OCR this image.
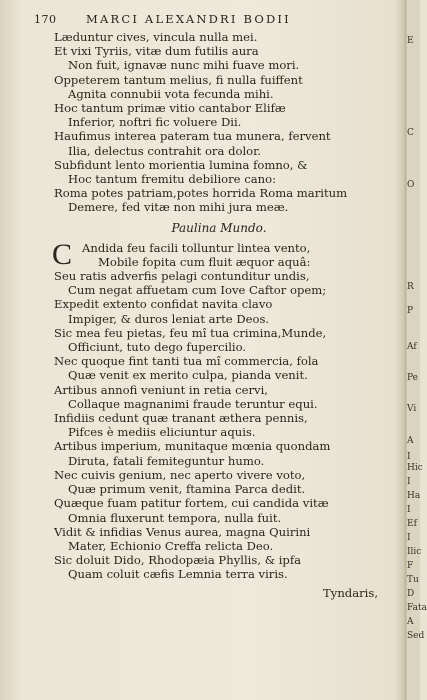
170	MARCI ALEXANDRI BODII
Læduntur cives, vincula nulla mei.
Et vixi Tyriis, vitæ dum futilis aura
Non fuit, ignavæ nunc mihi fuave mori.
Oppeterem tantum melius, fi nulla fuiffent
Agnita connubii vota fecunda mihi.
Hoc tantum primæ vitio cantabor Elifæ
Inferior, noftri fic voluere Dii.
Haufimus interea pateram tua munera, fervent
Ilia, delectus contrahit ora dolor.
Subfidunt lento morientia lumina fomno, &
Hoc tantum fremitu debiliore cano:
Roma potes patriam,potes horrida Roma maritum
Demere, fed vitæ non mihi jura meæ.
Paulina Mundo.
C Andida feu facili tolluntur lintea vento,
Mobile fopita cum fluit æquor aquâ:
Seu ratis adverfis pelagi contunditur undis,
Cum negat affuetam cum Iove Caftor opem;
Expedit extento confidat navita clavo
Impiger, & duros leniat arte Deos.
Sic mea feu pietas, feu mî tua crimina,Munde,
Officiunt, tuto dego fupercilio.
Nec quoque fint tanti tua mî commercia, fola
Quæ venit ex merito culpa, pianda venit.
Artibus annofi veniunt in retia cervi,
Collaque magnanimi fraude teruntur equi.
Infidiis cedunt quæ tranant æthera pennis,
Pifces è mediis eliciuntur aquis.
Artibus imperium, munitaque mœnia quondam
Diruta, fatali femiteguntur humo.
Nec cuivis genium, nec aperto vivere voto,
Quæ primum venit, ftamina Parca dedit.
Quæque fuam patitur fortem, cui candida vitæ
Omnia fluxerunt tempora, nulla fuit.
Vidit & infidias Venus aurea, magna Quirini
Mater, Echionio Creffa relicta Deo.
Sic doluit Dido, Rhodopæia Phyllis, & ipfa
Quam coluit cæfis Lemnia terra viris.
Tyndaris,
E
C
O
R
P
Af
Pe
Vi
A
I
Hic
I
Ha
I
Ef
I
Ilic
F
Tu
D
Fata
A
Sed
